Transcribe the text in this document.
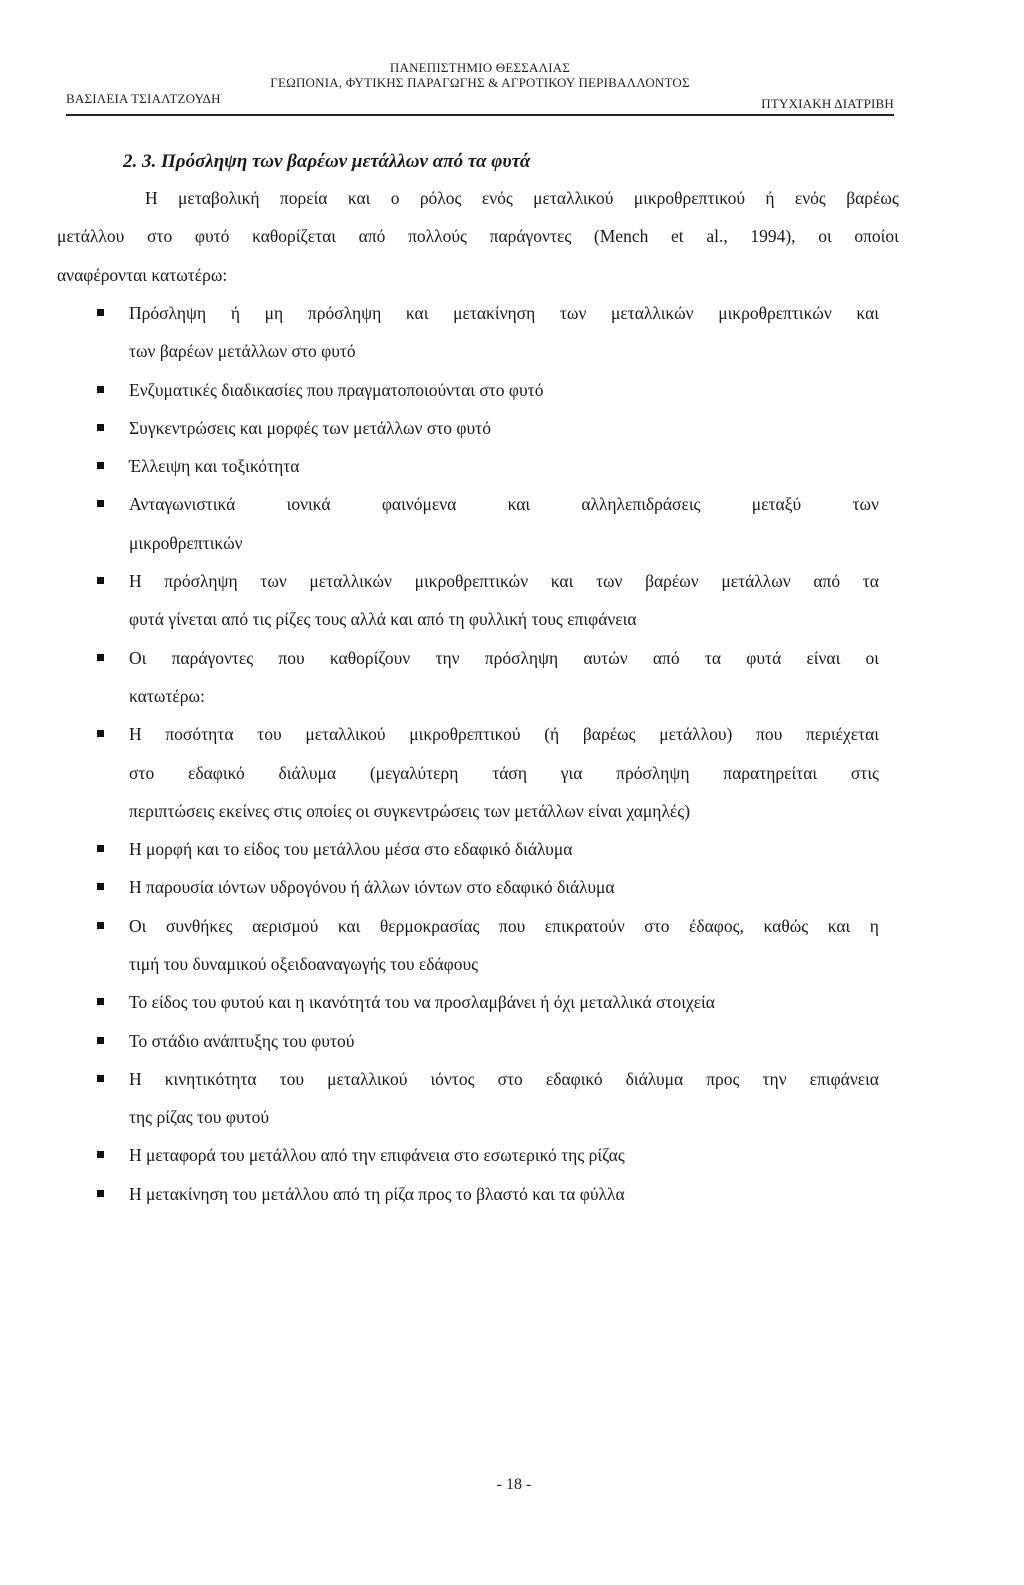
ΠΑΝΕΠΙΣΤΗΜΙΟ ΘΕΣΣΑΛΙΑΣ
ΓΕΩΠΟΝΙΑ, ΦΥΤΙΚΗΣ ΠΑΡΑΓΩΓΗΣ & ΑΓΡΟΤΙΚΟΥ ΠΕΡΙΒΑΛΛΟΝΤΟΣ
ΒΑΣΙΛΕΙΑ ΤΣΙΑΛΤΖΟΥΔΗ	ΠΤΥΧΙΑΚΗ ΔΙΑΤΡΙΒΗ
2. 3. Πρόσληψη των βαρέων μετάλλων από τα φυτά
Η μεταβολική πορεία και ο ρόλος ενός μεταλλικού μικροθρεπτικού ή ενός βαρέως
μετάλλου στο φυτό καθορίζεται από πολλούς παράγοντες (Mench et al., 1994), οι οποίοι
αναφέρονται κατωτέρω:
Πρόσληψη ή μη πρόσληψη και μετακίνηση των μεταλλικών μικροθρεπτικών και
των βαρέων μετάλλων στο φυτό
Ενζυματικές διαδικασίες που πραγματοποιούνται στο φυτό
Συγκεντρώσεις και μορφές των μετάλλων στο φυτό
Έλλειψη και τοξικότητα
Ανταγωνιστικά	ιονικά	φαινόμενα	και	αλληλεπιδράσεις	μεταξύ	των
μικροθρεπτικών
Η πρόσληψη των μεταλλικών μικροθρεπτικών και των βαρέων μετάλλων από τα
φυτά γίνεται από τις ρίζες τους αλλά και από τη φυλλική τους επιφάνεια
Οι παράγοντες που καθορίζουν την πρόσληψη αυτών από τα φυτά είναι οι
κατωτέρω:
Η ποσότητα του μεταλλικού μικροθρεπτικού (ή βαρέως μετάλλου) που περιέχεται
στο εδαφικό διάλυμα (μεγαλύτερη τάση για πρόσληψη παρατηρείται στις
περιπτώσεις εκείνες στις οποίες οι συγκεντρώσεις των μετάλλων είναι χαμηλές)
Η μορφή και το είδος του μετάλλου μέσα στο εδαφικό διάλυμα
Η παρουσία ιόντων υδρογόνου ή άλλων ιόντων στο εδαφικό διάλυμα
Οι συνθήκες αερισμού και θερμοκρασίας που επικρατούν στο έδαφος, καθώς και η
τιμή του δυναμικού οξειδοαναγωγής του εδάφους
Το είδος του φυτού και η ικανότητά του να προσλαμβάνει ή όχι μεταλλικά στοιχεία
Το στάδιο ανάπτυξης του φυτού
Η κινητικότητα του μεταλλικού ιόντος στο εδαφικό διάλυμα προς την επιφάνεια
της ρίζας του φυτού
Η μεταφορά του μετάλλου από την επιφάνεια στο εσωτερικό της ρίζας
Η μετακίνηση του μετάλλου από τη ρίζα προς το βλαστό και τα φύλλα
- 18 -
